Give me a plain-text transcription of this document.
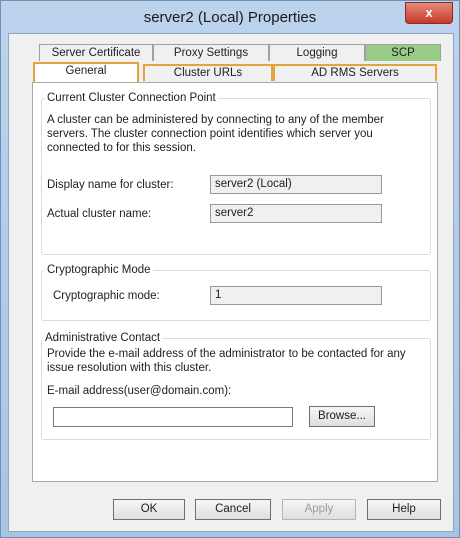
server2 (Local) Properties	x
Server Certificate	Proxy Settings	Logging	SCP
General	Cluster URLs	AD RMS Servers
Current Cluster Connection Point
A cluster can be administered by connecting to any of the member
servers. The cluster connection point identifies which server you
connected to for this session.
Display name for cluster:	server2 (Local)
Actual cluster name:	server2
Cryptographic Mode
Cryptographic mode:	1
Administrative Contact
Provide the e-mail address of the administrator to be contacted for any
issue resolution with this cluster.
E-mail address(user@domain.com):
Browse...
OK	Cancel	Apply	Help
